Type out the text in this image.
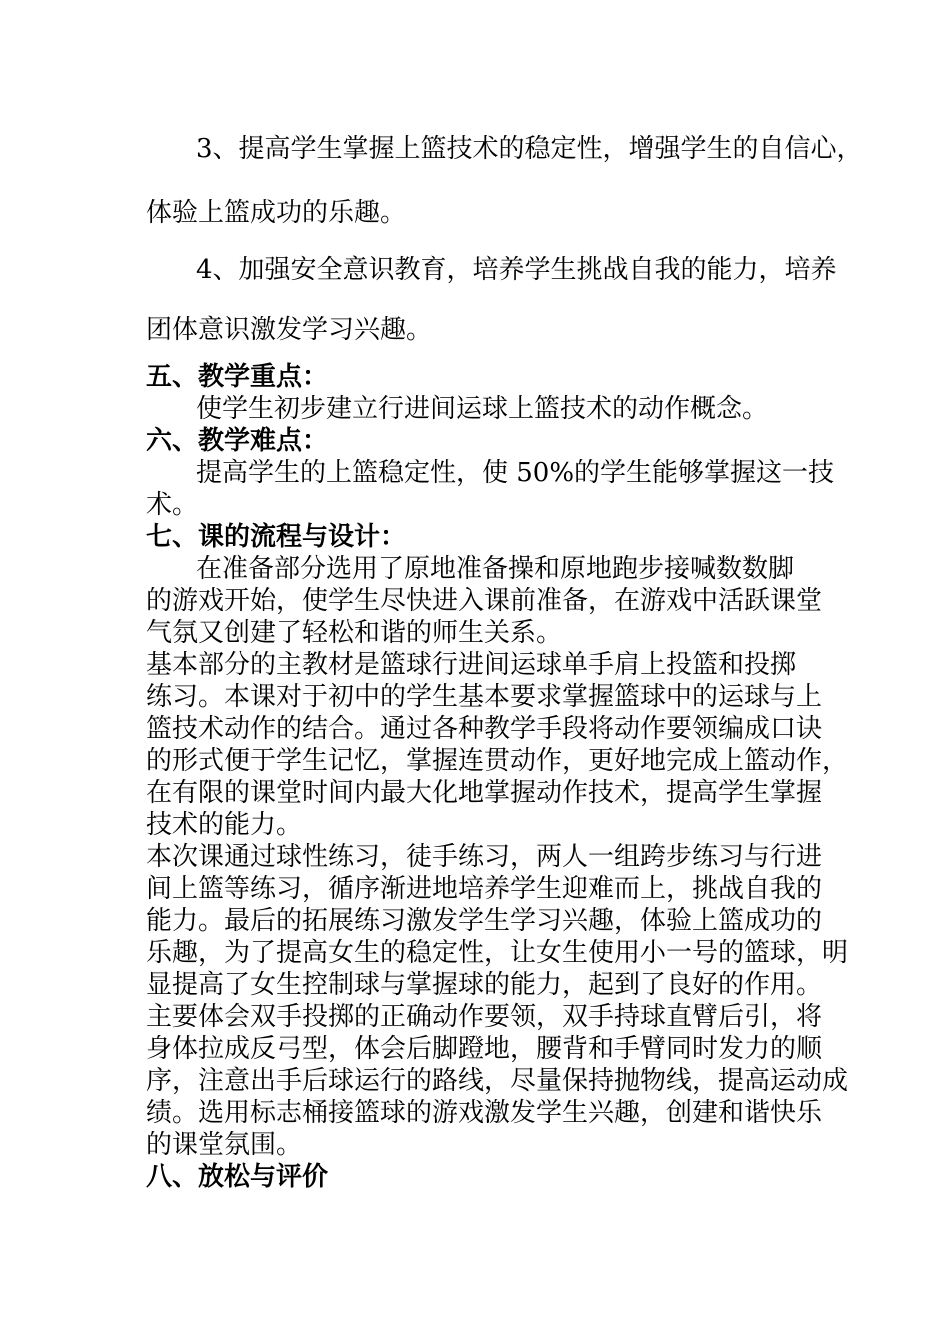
3、提高学生掌握上篮技术的稳定性，增强学生的自信心，
体验上篮成功的乐趣。
4、加强安全意识教育，培养学生挑战自我的能力，培养
团体意识激发学习兴趣。
五、教学重点：
使学生初步建立行进间运球上篮技术的动作概念。
六、教学难点：
提高学生的上篮稳定性，使 50%的学生能够掌握这一技
术。
七、课的流程与设计：
在准备部分选用了原地准备操和原地跑步接喊数数脚
的游戏开始，使学生尽快进入课前准备，在游戏中活跃课堂
气氛又创建了轻松和谐的师生关系。
基本部分的主教材是篮球行进间运球单手肩上投篮和投掷
练习。本课对于初中的学生基本要求掌握篮球中的运球与上
篮技术动作的结合。通过各种教学手段将动作要领编成口诀
的形式便于学生记忆，掌握连贯动作，更好地完成上篮动作，
在有限的课堂时间内最大化地掌握动作技术，提高学生掌握
技术的能力。
本次课通过球性练习，徒手练习，两人一组跨步练习与行进
间上篮等练习，循序渐进地培养学生迎难而上，挑战自我的
能力。最后的拓展练习激发学生学习兴趣，体验上篮成功的
乐趣，为了提高女生的稳定性，让女生使用小一号的篮球，明
显提高了女生控制球与掌握球的能力，起到了良好的作用。
主要体会双手投掷的正确动作要领，双手持球直臂后引，将
身体拉成反弓型，体会后脚蹬地，腰背和手臂同时发力的顺
序，注意出手后球运行的路线，尽量保持抛物线，提高运动成
绩。选用标志桶接篮球的游戏激发学生兴趣，创建和谐快乐
的课堂氛围。
八、放松与评价
